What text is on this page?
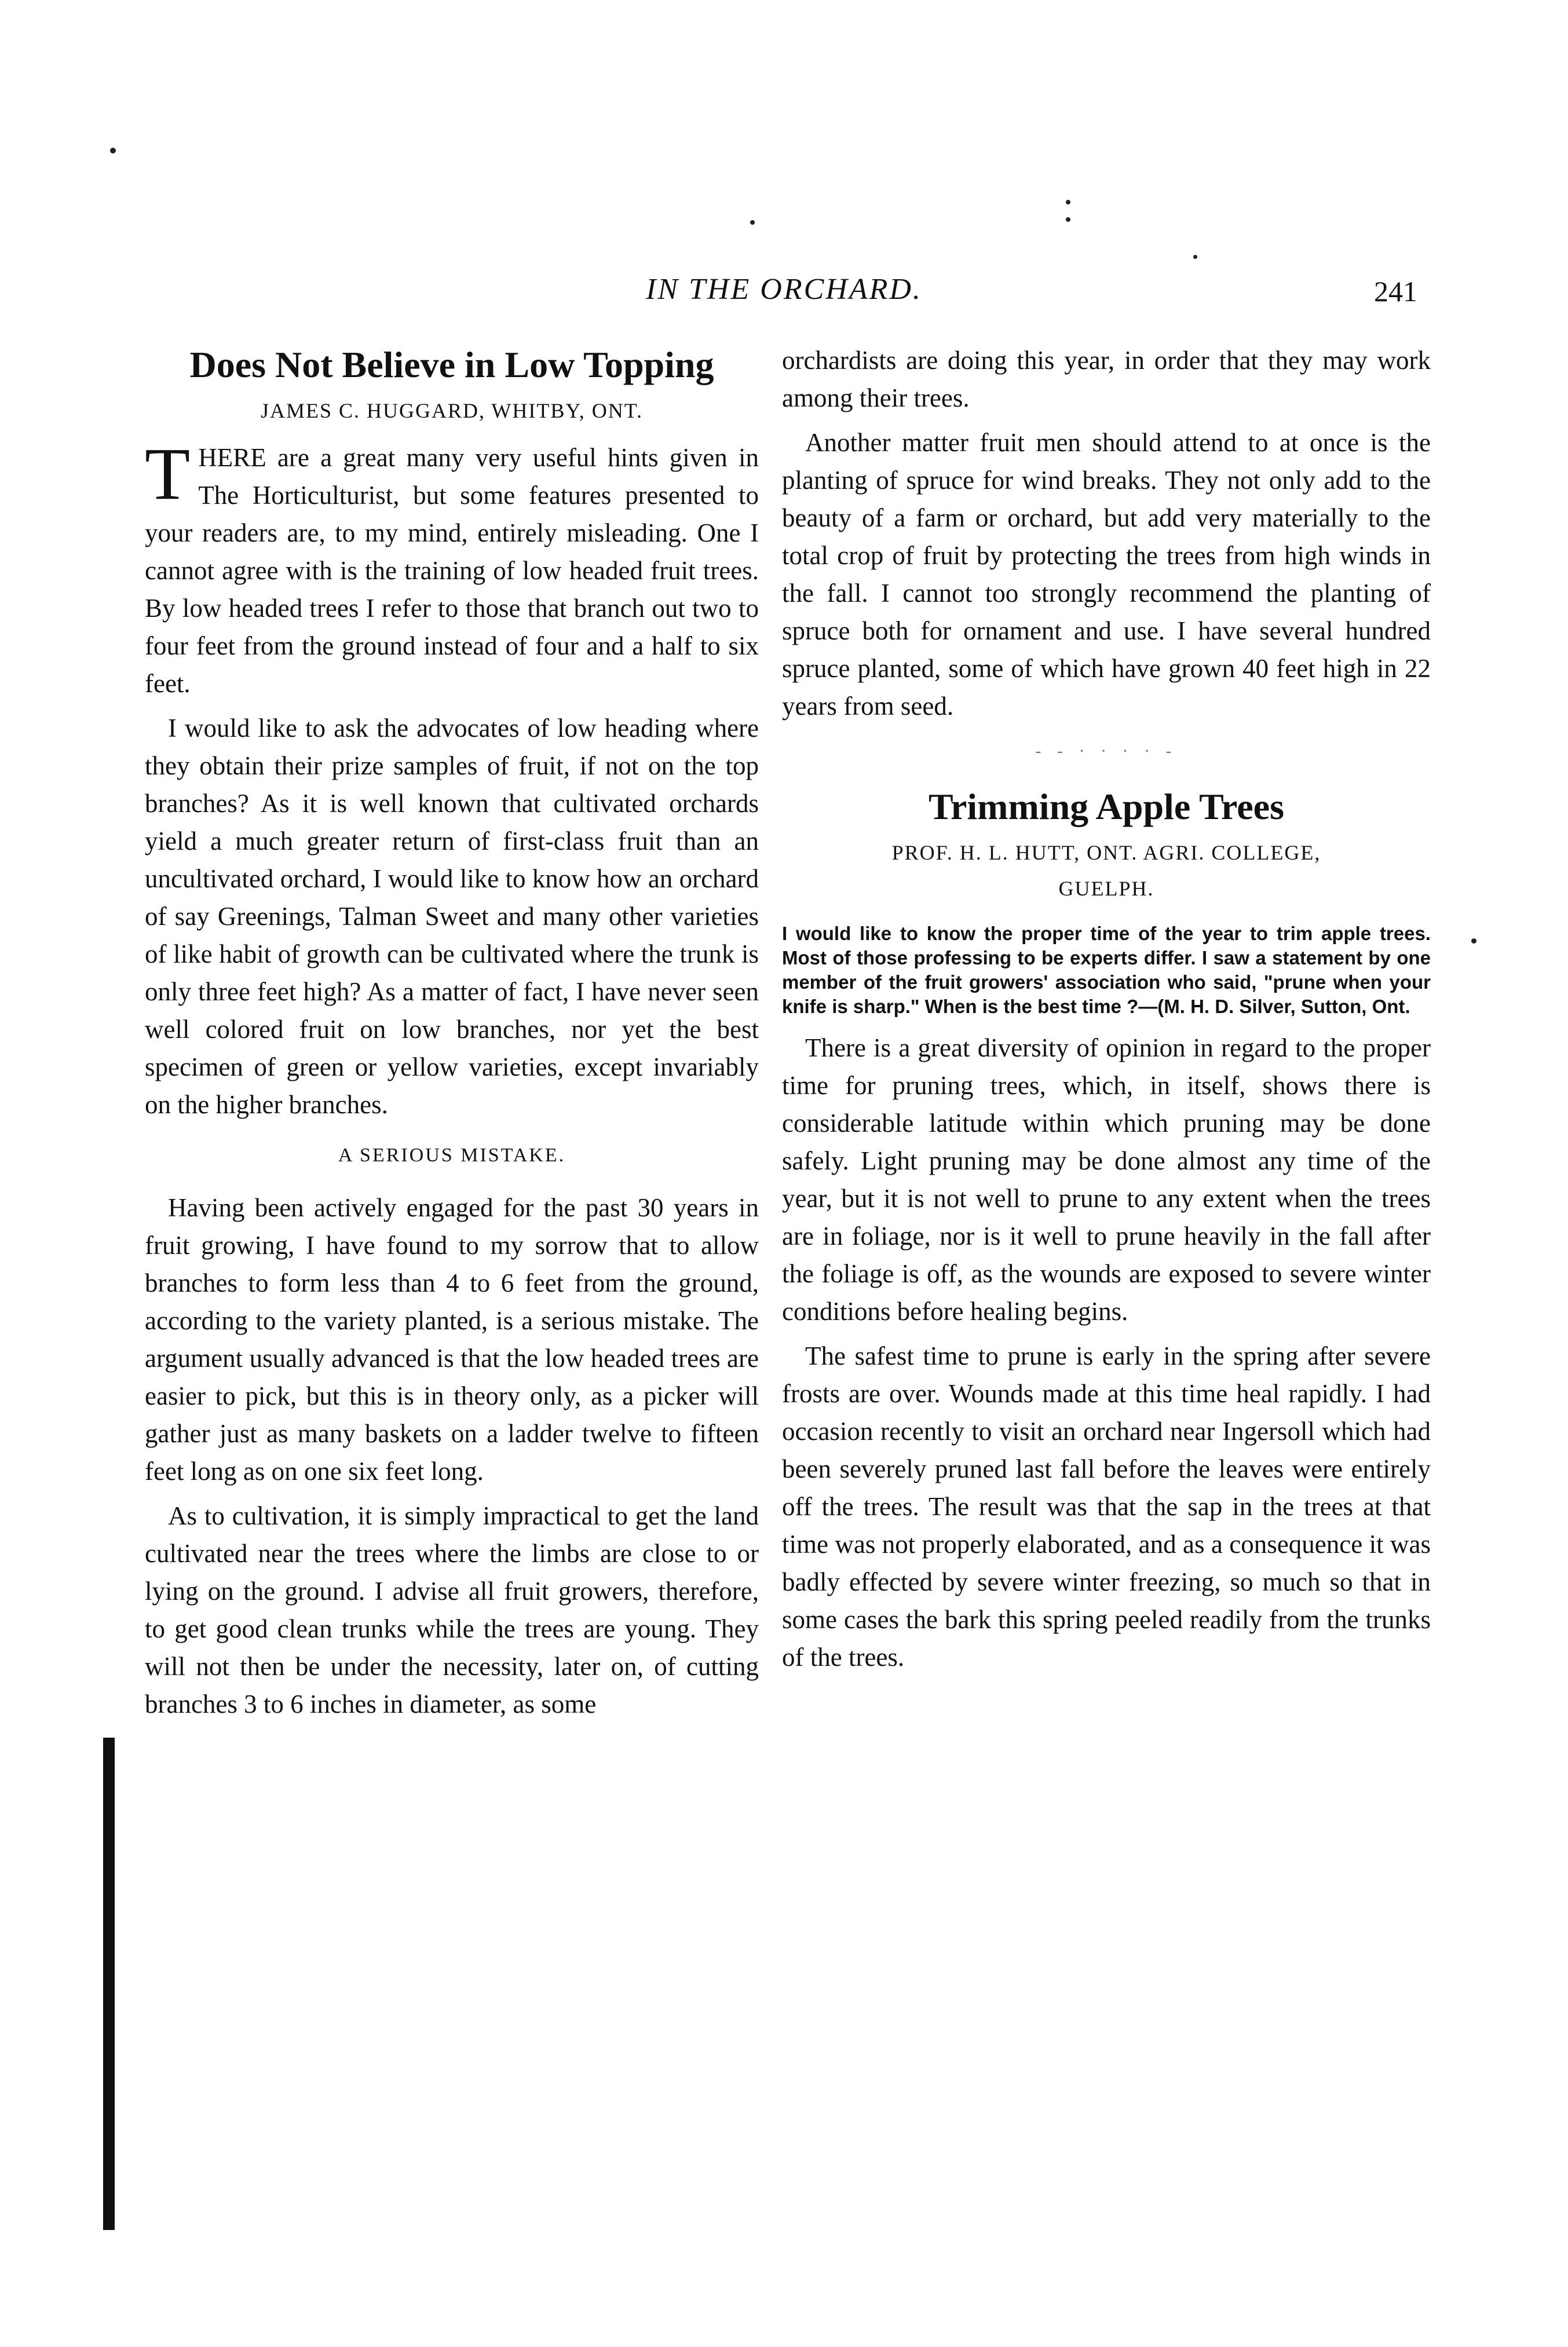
IN THE ORCHARD.	241
Does Not Believe in Low Topping
JAMES C. HUGGARD, WHITBY, ONT.

THERE are a great many very useful hints given in The Horticulturist, but some features presented to your readers are, to my mind, entirely misleading. One I cannot agree with is the training of low headed fruit trees. By low headed trees I refer to those that branch out two to four feet from the ground instead of four and a half to six feet.

I would like to ask the advocates of low heading where they obtain their prize samples of fruit, if not on the top branches? As it is well known that cultivated orchards yield a much greater return of first-class fruit than an uncultivated orchard, I would like to know how an orchard of say Greenings, Talman Sweet and many other varieties of like habit of growth can be cultivated where the trunk is only three feet high? As a matter of fact, I have never seen well colored fruit on low branches, nor yet the best specimen of green or yellow varieties, except invariably on the higher branches.

A SERIOUS MISTAKE.

Having been actively engaged for the past 30 years in fruit growing, I have found to my sorrow that to allow branches to form less than 4 to 6 feet from the ground, according to the variety planted, is a serious mistake. The argument usually advanced is that the low headed trees are easier to pick, but this is in theory only, as a picker will gather just as many baskets on a ladder twelve to fifteen feet long as on one six feet long.

As to cultivation, it is simply impractical to get the land cultivated near the trees where the limbs are close to or lying on the ground. I advise all fruit growers, therefore, to get good clean trunks while the trees are young. They will not then be under the necessity, later on, of cutting branches 3 to 6 inches in diameter, as some

orchardists are doing this year, in order that they may work among their trees.

Another matter fruit men should attend to at once is the planting of spruce for wind breaks. They not only add to the beauty of a farm or orchard, but add very materially to the total crop of fruit by protecting the trees from high winds in the fall. I cannot too strongly recommend the planting of spruce both for ornament and use. I have several hundred spruce planted, some of which have grown 40 feet high in 22 years from seed.

- - · · · · -
Trimming Apple Trees
PROF. H. L. HUTT, ONT. AGRI. COLLEGE,
GUELPH.
I would like to know the proper time of the year to trim apple trees. Most of those professing to be experts differ. I saw a statement by one member of the fruit growers' association who said, "prune when your knife is sharp." When is the best time ?—(M. H. D. Silver, Sutton, Ont.

There is a great diversity of opinion in regard to the proper time for pruning trees, which, in itself, shows there is considerable latitude within which pruning may be done safely. Light pruning may be done almost any time of the year, but it is not well to prune to any extent when the trees are in foliage, nor is it well to prune heavily in the fall after the foliage is off, as the wounds are exposed to severe winter conditions before healing begins.

The safest time to prune is early in the spring after severe frosts are over. Wounds made at this time heal rapidly. I had occasion recently to visit an orchard near Ingersoll which had been severely pruned last fall before the leaves were entirely off the trees. The result was that the sap in the trees at that time was not properly elaborated, and as a consequence it was badly effected by severe winter freezing, so much so that in some cases the bark this spring peeled readily from the trunks of the trees.
